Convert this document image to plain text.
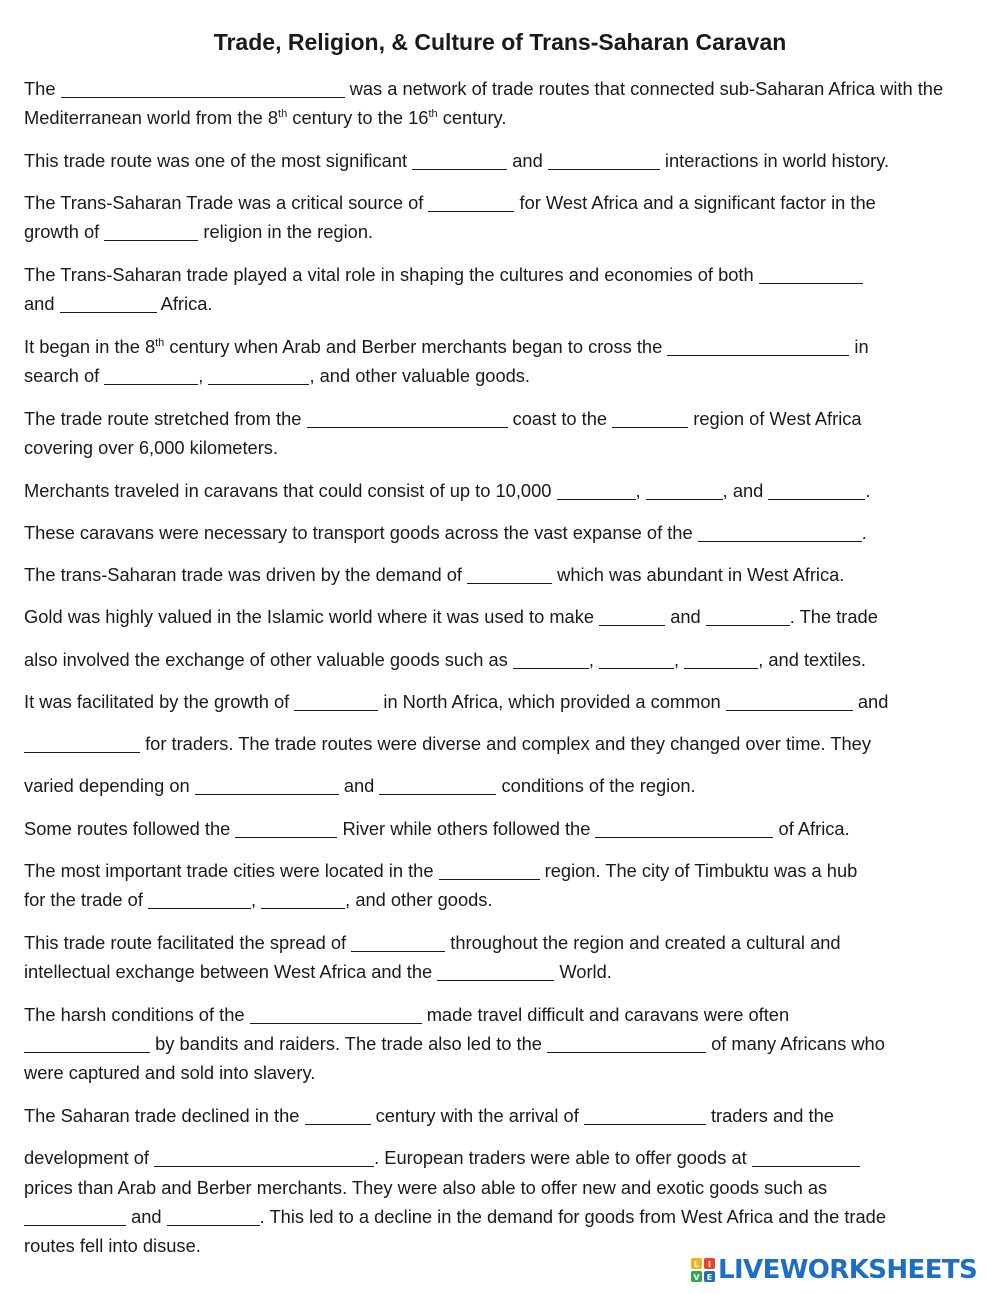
Trade, Religion, & Culture of Trans-Saharan Caravan
The	was a network of trade routes that connected sub-Saharan Africa with the
Mediterranean world from the 8th century to the 16th century.
This trade route was one of the most significant	and	interactions in world history.
The Trans-Saharan Trade was a critical source of	for West Africa and a significant factor in the
growth of	religion in the region.
The Trans-Saharan trade played a vital role in shaping the cultures and economies of both
and	Africa.
It began in the 8th century when Arab and Berber merchants began to cross the	in
search of	,	, and other valuable goods.
The trade route stretched from the	coast to the	region of West Africa
covering over 6,000 kilometers.
Merchants traveled in caravans that could consist of up to 10,000	,	, and	.
These caravans were necessary to transport goods across the vast expanse of the	.
The trans-Saharan trade was driven by the demand of	which was abundant in West Africa.
Gold was highly valued in the Islamic world where it was used to make	and	. The trade
also involved the exchange of other valuable goods such as	,	,	, and textiles.
It was facilitated by the growth of	in North Africa, which provided a common	and
for traders. The trade routes were diverse and complex and they changed over time. They
varied depending on	and	conditions of the region.
Some routes followed the	River while others followed the	of Africa.
The most important trade cities were located in the	region. The city of Timbuktu was a hub
for the trade of	,	, and other goods.
This trade route facilitated the spread of	throughout the region and created a cultural and
intellectual exchange between West Africa and the	World.
The harsh conditions of the	made travel difficult and caravans were often
by bandits and raiders. The trade also led to the	of many Africans who
were captured and sold into slavery.
The Saharan trade declined in the	century with the arrival of	traders and the
development of	. European traders were able to offer goods at
prices than Arab and Berber merchants. They were also able to offer new and exotic goods such as
and	. This led to a decline in the demand for goods from West Africa and the trade
routes fell into disuse.
L I
V E LIVEWORKSHEETS
